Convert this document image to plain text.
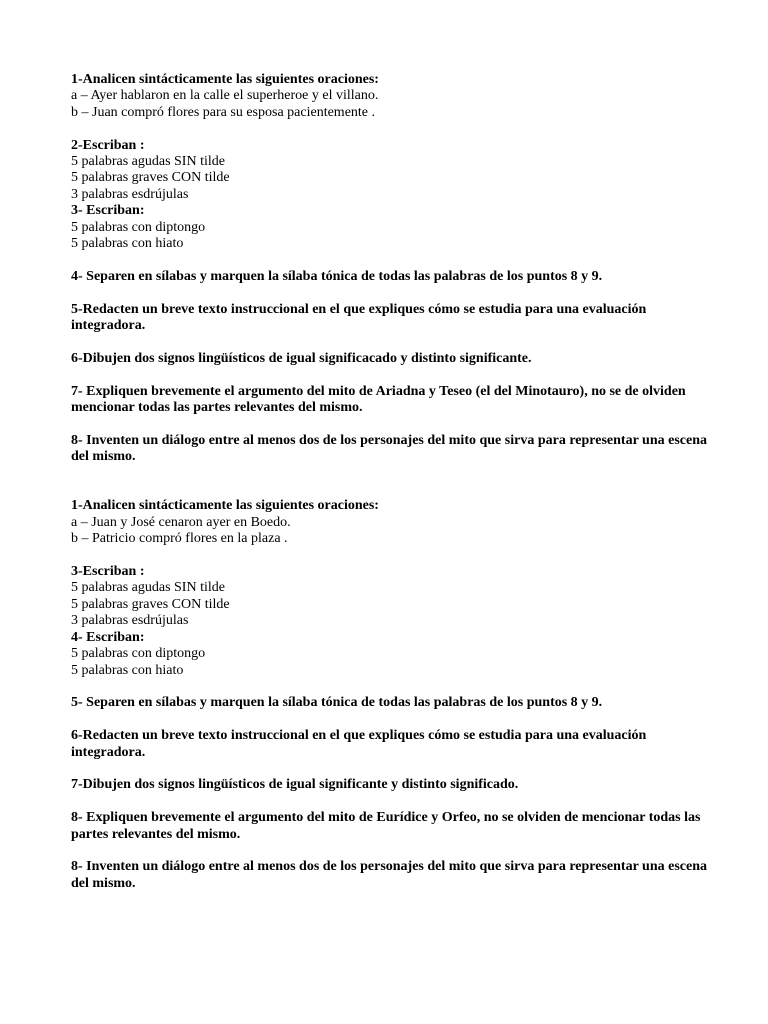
1-Analicen sintácticamente las siguientes oraciones:
a – Ayer hablaron en la calle el superheroe y el villano.
b – Juan compró flores para su esposa pacientemente .
2-Escriban :
5 palabras agudas SIN tilde
5 palabras graves CON tilde
3 palabras esdrújulas
3- Escriban:
5 palabras con diptongo
5 palabras con hiato
4- Separen en sílabas y marquen la sílaba tónica de todas las palabras de los puntos 8 y 9.
5-Redacten un breve texto instruccional en el que expliques cómo se estudia para una evaluación integradora.
6-Dibujen dos signos lingüísticos de igual significacado y distinto significante.
7- Expliquen brevemente el argumento del mito de Ariadna y Teseo (el del Minotauro), no se de olviden mencionar todas las partes relevantes del mismo.
8- Inventen un diálogo entre al menos dos de los personajes del mito que sirva para representar una escena del mismo.
1-Analicen sintácticamente las siguientes oraciones:
a – Juan y José cenaron ayer en Boedo.
b – Patricio compró flores en la plaza .
3-Escriban :
5 palabras agudas SIN tilde
5 palabras graves CON tilde
3 palabras esdrújulas
4- Escriban:
5 palabras con diptongo
5 palabras con hiato
5- Separen en sílabas y marquen la sílaba tónica de todas las palabras de los puntos 8 y 9.
6-Redacten un breve texto instruccional en el que expliques cómo se estudia para una evaluación integradora.
7-Dibujen dos signos lingüísticos de igual significante y distinto significado.
8- Expliquen brevemente el argumento del mito de Eurídice y Orfeo, no se olviden de mencionar todas las partes relevantes del mismo.
8- Inventen un diálogo entre al menos dos de los personajes del mito que sirva para representar una escena del mismo.
